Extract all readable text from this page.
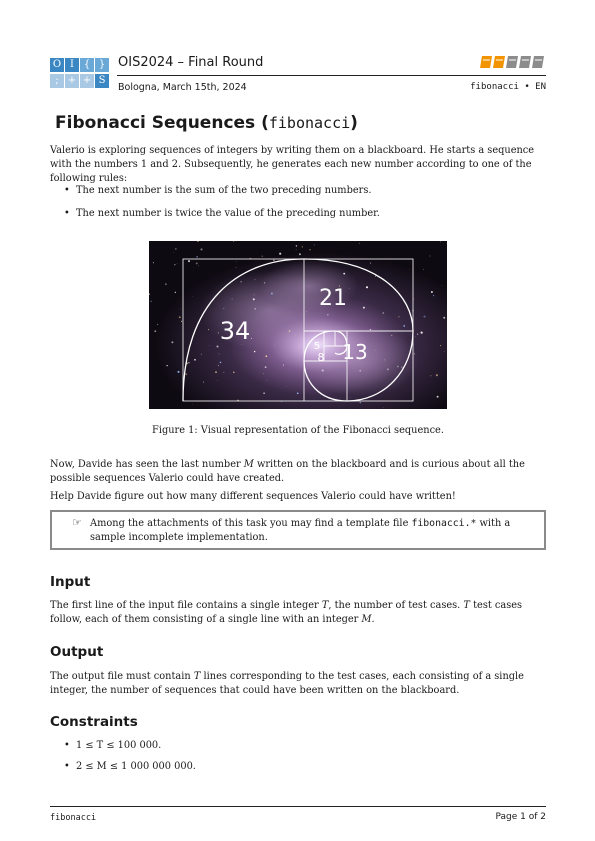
O I { }
; + + S
OIS2024 – Final Round
Bologna, March 15th, 2024	fibonacci • EN
Fibonacci Sequences (fibonacci)
Valerio is exploring sequences of integers by writing them on a blackboard. He starts a sequence with the numbers 1 and 2. Subsequently, he generates each new number according to one of the following rules:
• The next number is the sum of the two preceding numbers.
• The next number is twice the value of the preceding number.
34
21
13
8
5
Figure 1: Visual representation of the Fibonacci sequence.
Now, Davide has seen the last number M written on the blackboard and is curious about all the possible sequences Valerio could have created.
Help Davide figure out how many different sequences Valerio could have written!
☞ Among the attachments of this task you may find a template file fibonacci.* with a sample incomplete implementation.
Input
The first line of the input file contains a single integer T, the number of test cases. T test cases follow, each of them consisting of a single line with an integer M.
Output
The output file must contain T lines corresponding to the test cases, each consisting of a single integer, the number of sequences that could have been written on the blackboard.
Constraints
• 1 ≤ T ≤ 100 000.
• 2 ≤ M ≤ 1 000 000 000.
fibonacci	Page 1 of 2
